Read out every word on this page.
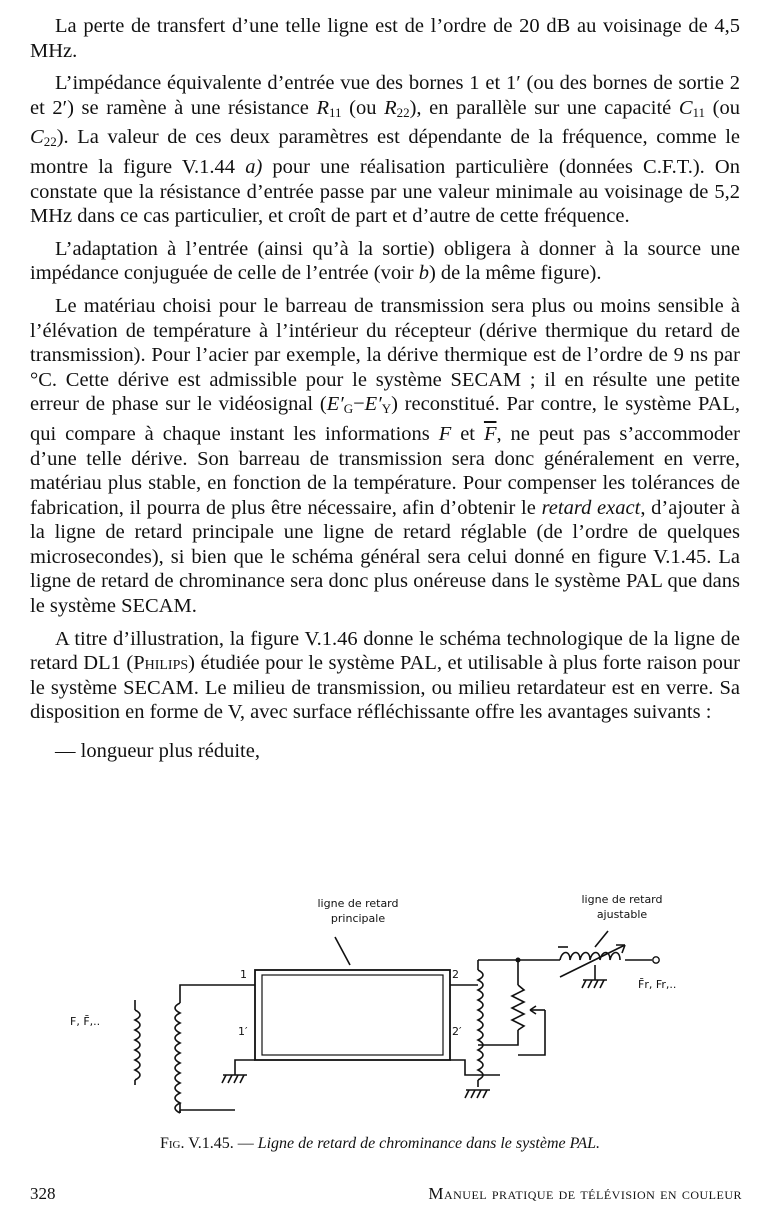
La perte de transfert d’une telle ligne est de l’ordre de 20 dB au voisinage de 4,5 MHz.

L’impédance équivalente d’entrée vue des bornes 1 et 1′ (ou des bornes de sortie 2 et 2′) se ramène à une résistance $R_{11}$ (ou $R_{22}$), en parallèle sur une capacité $C_{11}$ (ou $C_{22}$). La valeur de ces deux paramètres est dépendante de la fréquence, comme le montre la figure V.1.44 a) pour une réalisation particulière (données C.F.T.). On constate que la résistance d’entrée passe par une valeur minimale au voisinage de 5,2 MHz dans ce cas particulier, et croît de part et d’autre de cette fréquence.

L’adaptation à l’entrée (ainsi qu’à la sortie) obligera à donner à la source une impédance conjuguée de celle de l’entrée (voir b) de la même figure).

Le matériau choisi pour le barreau de transmission sera plus ou moins sensible à l’élévation de température à l’intérieur du récepteur (dérive thermique du retard de transmission). Pour l’acier par exemple, la dérive thermique est de l’ordre de 9 ns par °C. Cette dérive est admissible pour le système SECAM ; il en résulte une petite erreur de phase sur le vidéosignal $(E'_G-E'_Y)$ reconstitué. Par contre, le système PAL, qui compare à chaque instant les informations F et $\overline{F}$, ne peut pas s’accommoder d’une telle dérive. Son barreau de transmission sera donc généralement en verre, matériau plus stable, en fonction de la température. Pour compenser les tolérances de fabrication, il pourra de plus être nécessaire, afin d’obtenir le retard exact, d’ajouter à la ligne de retard principale une ligne de retard réglable (de l’ordre de quelques microsecondes), si bien que le schéma général sera celui donné en figure V.1.45. La ligne de retard de chrominance sera donc plus onéreuse dans le système PAL que dans le système SECAM.

A titre d’illustration, la figure V.1.46 donne le schéma technologique de la ligne de retard DL1 (Philips) étudiée pour le système PAL, et utilisable à plus forte raison pour le système SECAM. Le milieu de transmission, ou milieu retardateur est en verre. Sa disposition en forme de V, avec surface réfléchissante offre les avantages suivants :

— longueur plus réduite,

ligne de retard
principale
ligne de retard
ajustable
1
1′
2
2′
F, F̄,..
F̄r, Fr,..
Fig. V.1.45. — Ligne de retard de chrominance dans le système PAL.
328	Manuel pratique de télévision en couleur
